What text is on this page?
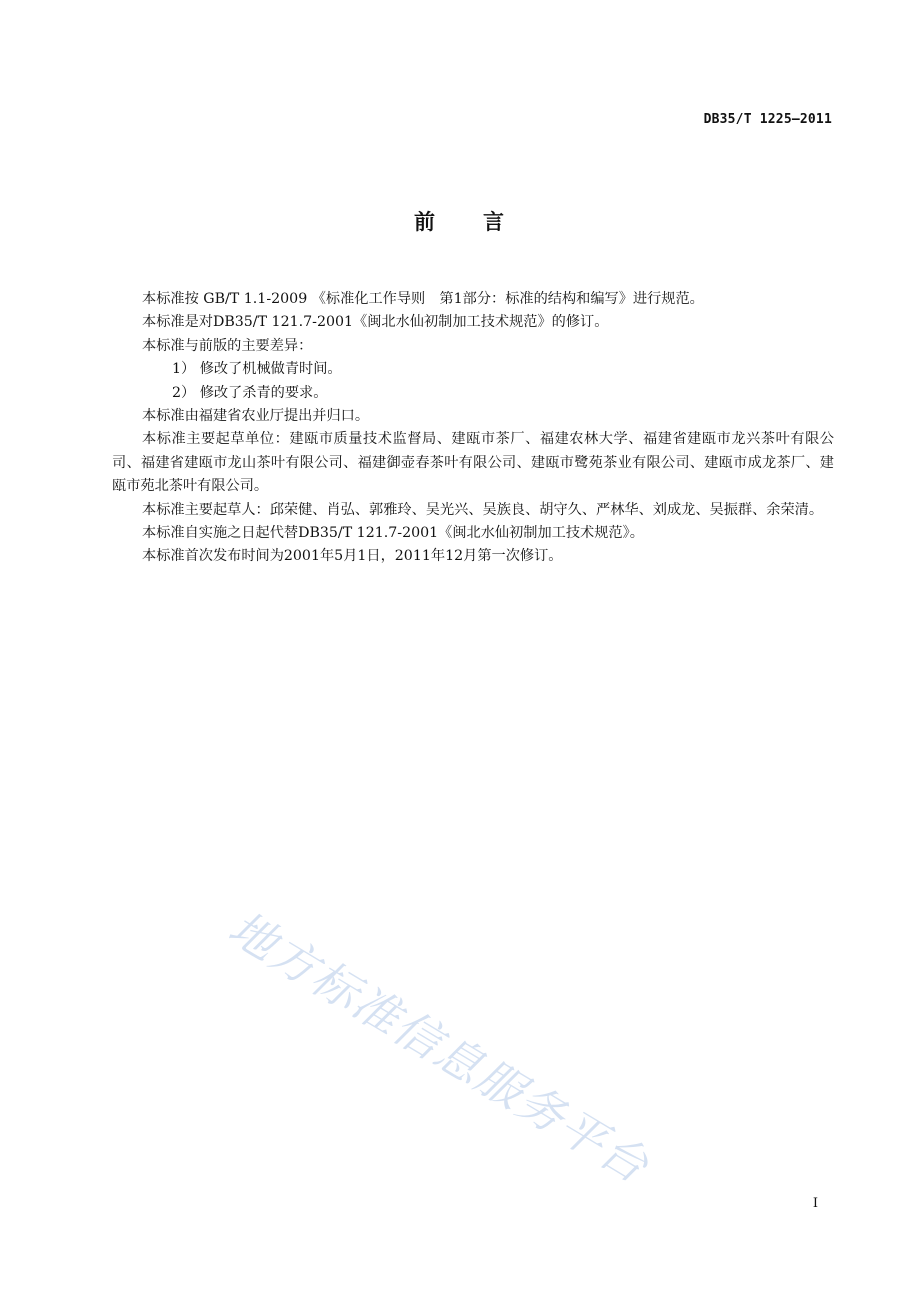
DB35/T 1225—2011
前　　言

本标准按 GB/T 1.1-2009 《标准化工作导则　第1部分：标准的结构和编写》进行规范。

本标准是对DB35/T 121.7-2001《闽北水仙初制加工技术规范》的修订。

本标准与前版的主要差异：

1） 修改了机械做青时间。

2） 修改了杀青的要求。

本标准由福建省农业厅提出并归口。

本标准主要起草单位：建瓯市质量技术监督局、建瓯市茶厂、福建农林大学、福建省建瓯市龙兴茶叶有限公司、福建省建瓯市龙山茶叶有限公司、福建御壶春茶叶有限公司、建瓯市鹭苑茶业有限公司、建瓯市成龙茶厂、建瓯市苑北茶叶有限公司。

本标准主要起草人：邱荣健、肖弘、郭雅玲、吴光兴、吴族良、胡守久、严林华、刘成龙、吴振群、余荣清。

本标准自实施之日起代替DB35/T 121.7-2001《闽北水仙初制加工技术规范》。

本标准首次发布时间为2001年5月1日，2011年12月第一次修订。

地方标准信息服务平台
I
